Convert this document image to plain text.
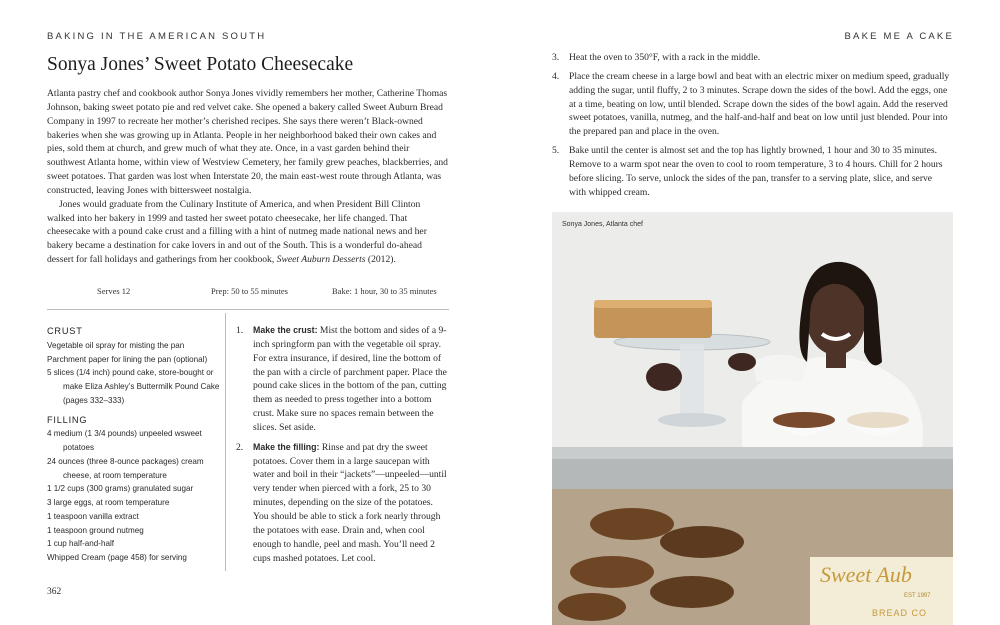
BAKING IN THE AMERICAN SOUTH
Sonya Jones’ Sweet Potato Cheesecake

Atlanta pastry chef and cookbook author Sonya Jones vividly remembers her mother, Catherine Thomas Johnson, baking sweet potato pie and red velvet cake. She opened a bakery called Sweet Auburn Bread Company in 1997 to recreate her mother’s cherished recipes. She says there weren’t Black-owned bakeries when she was growing up in Atlanta. People in her neighborhood baked their own cakes and pies, sold them at church, and grew much of what they ate. Once, in a vast garden behind their southwest Atlanta home, within view of Westview Cemetery, her family grew peaches, blackberries, and sweet potatoes. That garden was lost when Interstate 20, the main east-west route through Atlanta, was constructed, leaving Jones with bittersweet nostalgia.

Jones would graduate from the Culinary Institute of America, and when President Bill Clinton walked into her bakery in 1999 and tasted her sweet potato cheesecake, her life changed. That cheesecake with a pound cake crust and a filling with a hint of nutmeg made national news and her bakery became a destination for cake lovers in and out of the South. This is a wonderful do-ahead dessert for fall holidays and gatherings from her cookbook, Sweet Auburn Desserts (2012).

Serves 12	Prep: 50 to 55 minutes	Bake: 1 hour, 30 to 35 minutes
CRUST

Vegetable oil spray for misting the pan

Parchment paper for lining the pan (optional)

5 slices (1/4 inch) pound cake, store-bought or make Eliza Ashley’s Buttermilk Pound Cake (pages 332–333)

FILLING

4 medium (1 3/4 pounds) unpeeled wsweet potatoes

24 ounces (three 8-ounce packages) cream cheese, at room temperature

1 1/2 cups (300 grams) granulated sugar

3 large eggs, at room temperature

1 teaspoon vanilla extract

1 teaspoon ground nutmeg

1 cup half-and-half

Whipped Cream (page 458) for serving

1. Make the crust: Mist the bottom and sides of a 9-inch springform pan with the vegetable oil spray. For extra insurance, if desired, line the bottom of the pan with a circle of parchment paper. Place the pound cake slices in the bottom of the pan, cutting them as needed to press together into a bottom crust. Make sure no spaces remain between the slices. Set aside.
2. Make the filling: Rinse and pat dry the sweet potatoes. Cover them in a large saucepan with water and boil in their “jackets”—unpeeled—until very tender when pierced with a fork, 25 to 30 minutes, depending on the size of the potatoes. You should be able to stick a fork nearly through the potatoes with ease. Drain and, when cool enough to handle, peel and mash. You’ll need 2 cups mashed potatoes. Let cool.
362
BAKE ME A CAKE
3. Heat the oven to 350°F, with a rack in the middle.
4. Place the cream cheese in a large bowl and beat with an electric mixer on medium speed, gradually adding the sugar, until fluffy, 2 to 3 minutes. Scrape down the sides of the bowl. Add the eggs, one at a time, beating on low, until blended. Scrape down the sides of the bowl again. Add the reserved sweet potatoes, vanilla, nutmeg, and the half-and-half and beat on low until just blended. Pour into the prepared pan and place in the oven.
5. Bake until the center is almost set and the top has lightly browned, 1 hour and 30 to 35 minutes. Remove to a warm spot near the oven to cool to room temperature, 3 to 4 hours. Chill for 2 hours before slicing. To serve, unlock the sides of the pan, transfer to a serving plate, slice, and serve with whipped cream.
Sonya Jones, Atlanta chef
Sweet Aub
EST 1997
BREAD CO
